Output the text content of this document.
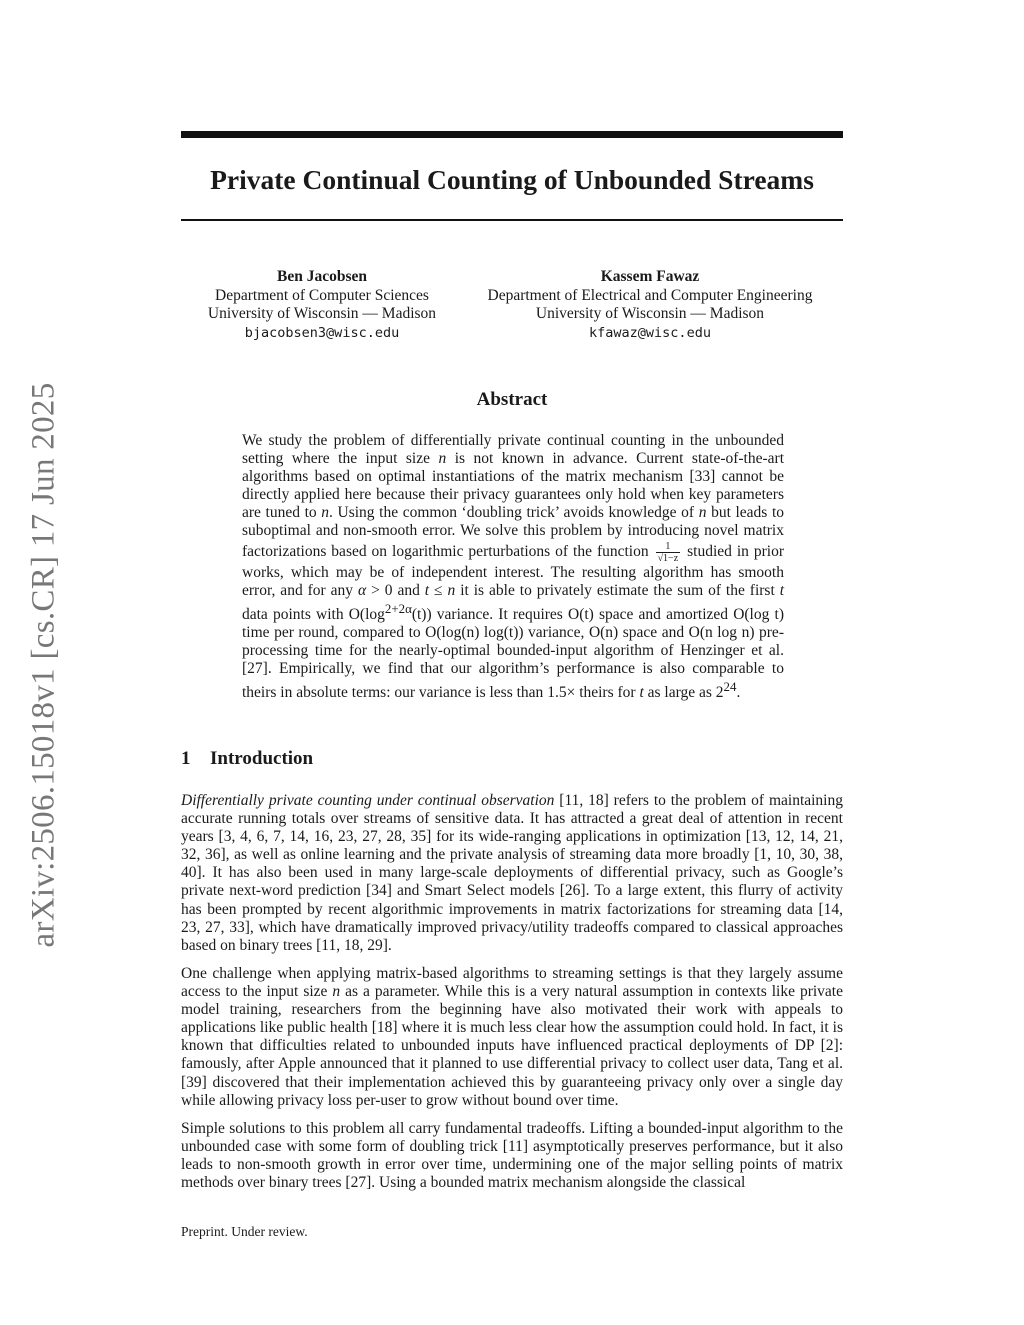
arXiv:2506.15018v1 [cs.CR] 17 Jun 2025
Private Continual Counting of Unbounded Streams
Ben Jacobsen
Department of Computer Sciences
University of Wisconsin — Madison
bjacobsen3@wisc.edu
Kassem Fawaz
Department of Electrical and Computer Engineering
University of Wisconsin — Madison
kfawaz@wisc.edu
Abstract

We study the problem of differentially private continual counting in the unbounded setting where the input size n is not known in advance. Current state-of-the-art algorithms based on optimal instantiations of the matrix mechanism [33] cannot be directly applied here because their privacy guarantees only hold when key parameters are tuned to n. Using the common ‘doubling trick’ avoids knowledge of n but leads to suboptimal and non-smooth error. We solve this problem by introducing novel matrix factorizations based on logarithmic perturbations of the function $\frac{1}{√1-z}$ studied in prior works, which may be of independent interest. The resulting algorithm has smooth error, and for any α > 0 and t ≤ n it is able to privately estimate the sum of the first t data points with $O(\log^{2+2\alpha}(t))$ variance. It requires O(t) space and amortized O(log t) time per round, compared to O(log(n) log(t)) variance, O(n) space and O(n log n) pre-processing time for the nearly-optimal bounded-input algorithm of Henzinger et al. [27]. Empirically, we find that our algorithm’s performance is also comparable to theirs in absolute terms: our variance is less than 1.5× theirs for t as large as $2^{24}$.

1 Introduction

Differentially private counting under continual observation [11, 18] refers to the problem of maintaining accurate running totals over streams of sensitive data. It has attracted a great deal of attention in recent years [3, 4, 6, 7, 14, 16, 23, 27, 28, 35] for its wide-ranging applications in optimization [13, 12, 14, 21, 32, 36], as well as online learning and the private analysis of streaming data more broadly [1, 10, 30, 38, 40]. It has also been used in many large-scale deployments of differential privacy, such as Google’s private next-word prediction [34] and Smart Select models [26]. To a large extent, this flurry of activity has been prompted by recent algorithmic improvements in matrix factorizations for streaming data [14, 23, 27, 33], which have dramatically improved privacy/utility tradeoffs compared to classical approaches based on binary trees [11, 18, 29].

One challenge when applying matrix-based algorithms to streaming settings is that they largely assume access to the input size n as a parameter. While this is a very natural assumption in contexts like private model training, researchers from the beginning have also motivated their work with appeals to applications like public health [18] where it is much less clear how the assumption could hold. In fact, it is known that difficulties related to unbounded inputs have influenced practical deployments of DP [2]: famously, after Apple announced that it planned to use differential privacy to collect user data, Tang et al. [39] discovered that their implementation achieved this by guaranteeing privacy only over a single day while allowing privacy loss per-user to grow without bound over time.

Simple solutions to this problem all carry fundamental tradeoffs. Lifting a bounded-input algorithm to the unbounded case with some form of doubling trick [11] asymptotically preserves performance, but it also leads to non-smooth growth in error over time, undermining one of the major selling points of matrix methods over binary trees [27]. Using a bounded matrix mechanism alongside the classical

Preprint. Under review.
